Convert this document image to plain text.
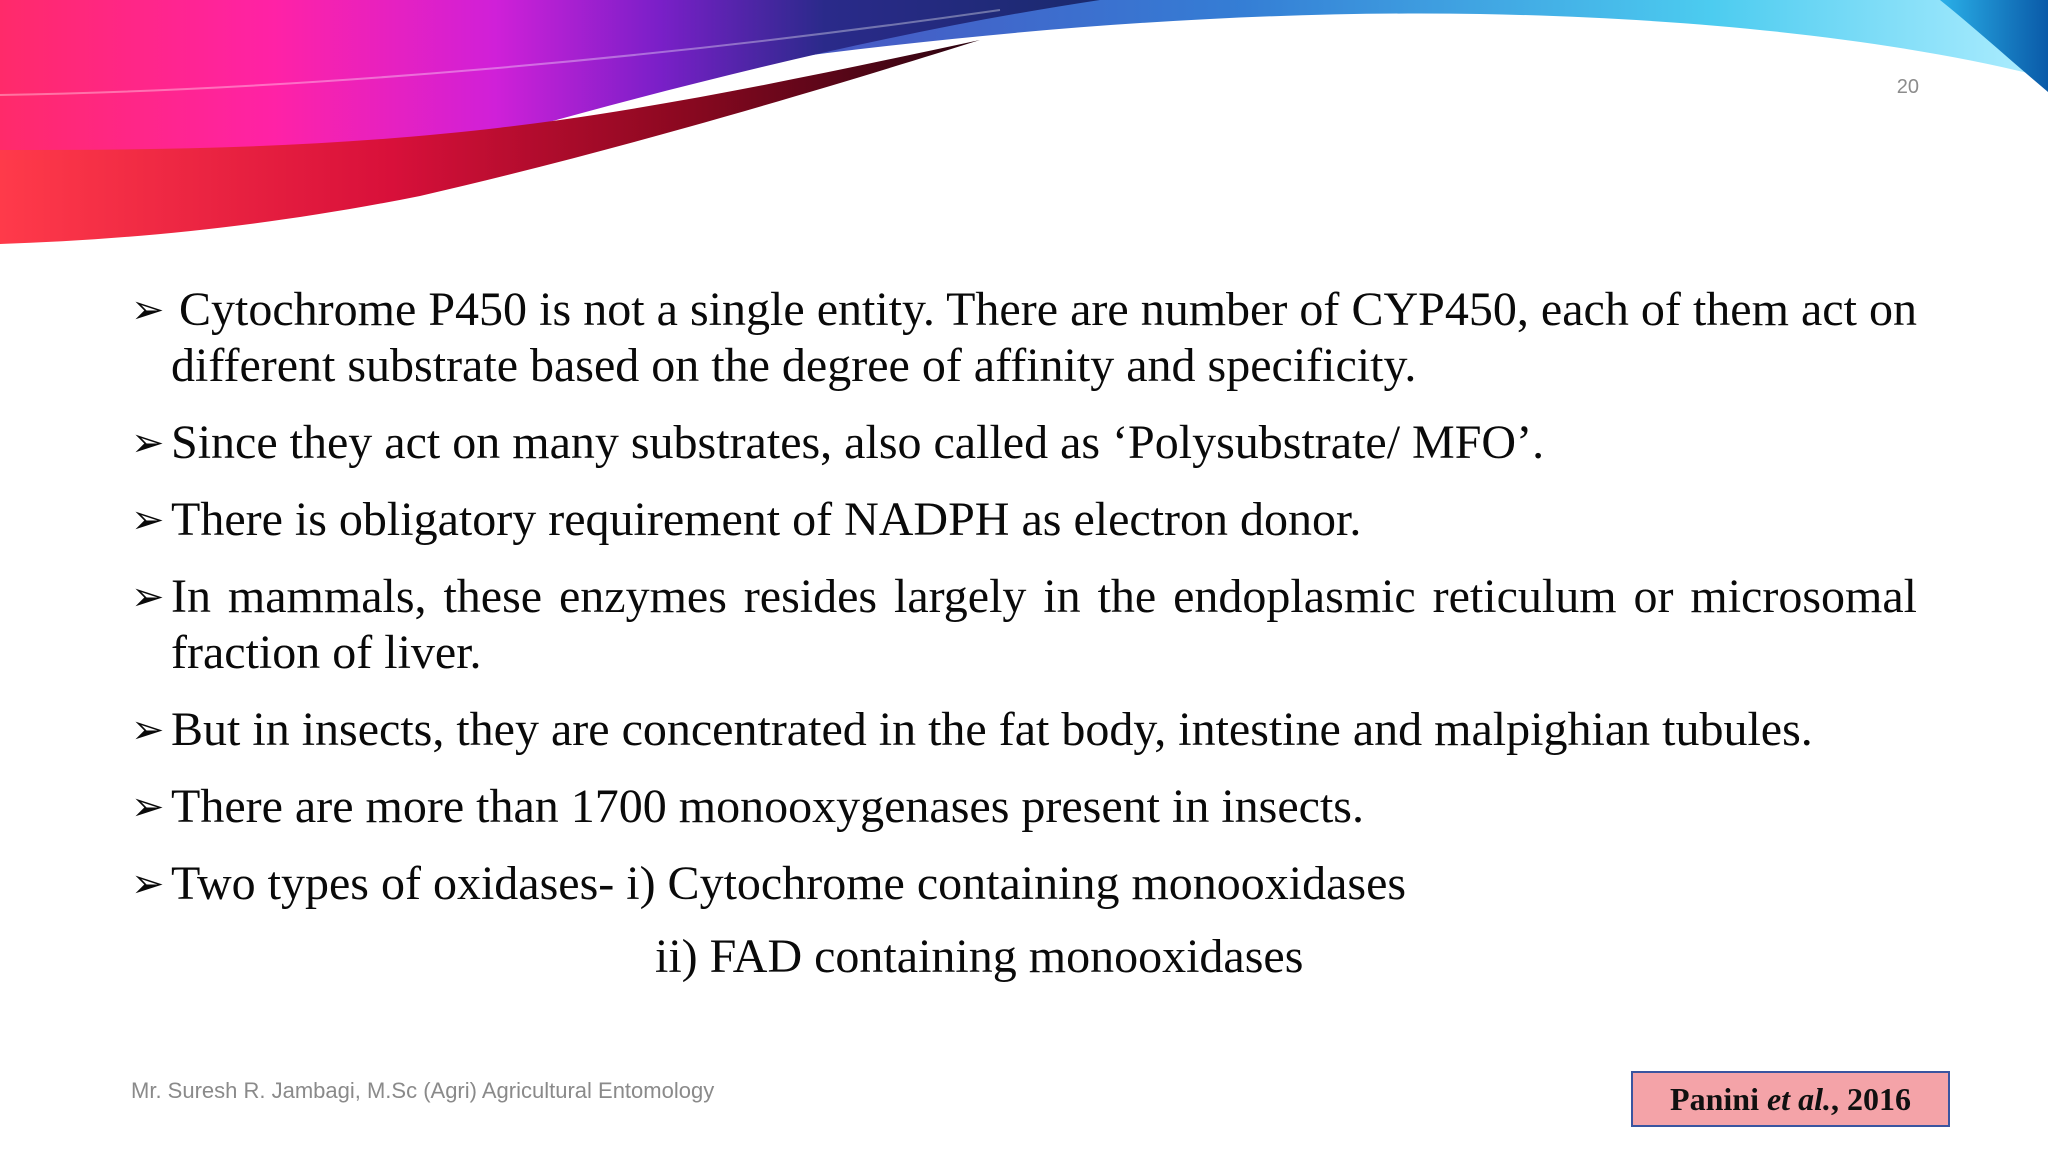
20
➢ Cytochrome P450 is not a single entity. There are number of CYP450, each of them act on different substrate based on the degree of affinity and specificity.
➢ Since they act on many substrates, also called as ‘Polysubstrate/ MFO’.
➢ There is obligatory requirement of NADPH as electron donor.
➢ In mammals, these enzymes resides largely in the endoplasmic reticulum or microsomal fraction of liver.
➢ But in insects, they are concentrated in the fat body, intestine and malpighian tubules.
➢ There are more than 1700 monooxygenases present in insects.
➢ Two types of oxidases- i) Cytochrome containing monooxidases
ii) FAD containing monooxidases
Mr. Suresh R. Jambagi, M.Sc (Agri) Agricultural Entomology	Panini et al., 2016
